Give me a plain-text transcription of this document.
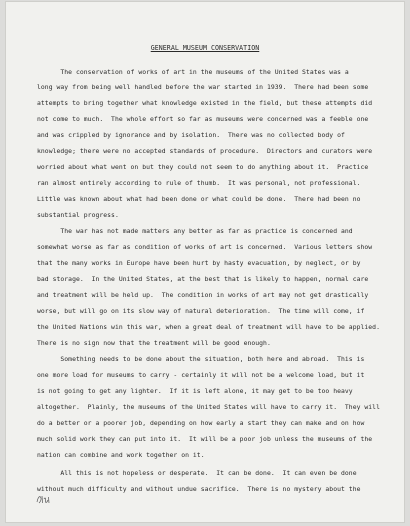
GENERAL MUSEUM CONSERVATION
The conservation of works of art in the museums of the United States was a
long way from being well handled before the war started in 1939.  There had been some
attempts to bring together what knowledge existed in the field, but these attempts did
not come to much.  The whole effort so far as museums were concerned was a feeble one
and was crippled by ignorance and by isolation.  There was no collected body of
knowledge; there were no accepted standards of procedure.  Directors and curators were
worried about what went on but they could not seem to do anything about it.  Practice
ran almost entirely according to rule of thumb.  It was personal, not professional.
Little was known about what had been done or what could be done.  There had been no
substantial progress.
The war has not made matters any better as far as practice is concerned and
somewhat worse as far as condition of works of art is concerned.  Various letters show
that the many works in Europe have been hurt by hasty evacuation, by neglect, or by
bad storage.  In the United States, at the best that is likely to happen, normal care
and treatment will be held up.  The condition in works of art may not get drastically
worse, but will go on its slow way of natural deterioration.  The time will come, if
the United Nations win this war, when a great deal of treatment will have to be applied.
There is no sign now that the treatment will be good enough.
Something needs to be done about the situation, both here and abroad.  This is
one more load for museums to carry - certainly it will not be a welcome load, but it
is not going to get any lighter.  If it is left alone, it may get to be too heavy
altogether.  Plainly, the museums of the United States will have to carry it.  They will
do a better or a poorer job, depending on how early a start they can make and on how
much solid work they can put into it.  It will be a poor job unless the museums of the
nation can combine and work together on it.
All this is not hopeless or desperate.  It can be done.  It can even be done
without much difficulty and without undue sacrifice.  There is no mystery about the
